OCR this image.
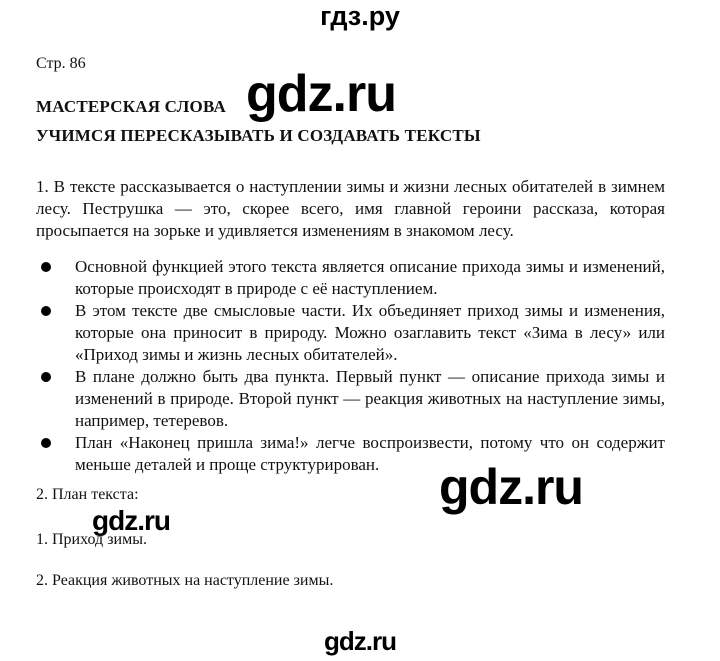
гдз.ру
Стр. 86
МАСТЕРСКАЯ СЛОВА
УЧИМСЯ ПЕРЕСКАЗЫВАТЬ И СОЗДАВАТЬ ТЕКСТЫ
1. В тексте рассказывается о наступлении зимы и жизни лесных обитателей в зимнем лесу. Пеструшка — это, скорее всего, имя главной героини рассказа, которая просыпается на зорьке и удивляется изменениям в знакомом лесу.
Основной функцией этого текста является описание прихода зимы и изменений, которые происходят в природе с её наступлением.
В этом тексте две смысловые части. Их объединяет приход зимы и изменения, которые она приносит в природу. Можно озаглавить текст «Зима в лесу» или «Приход зимы и жизнь лесных обитателей».
В плане должно быть два пункта. Первый пункт — описание прихода зимы и изменений в природе. Второй пункт — реакция животных на наступление зимы, например, тетеревов.
План «Наконец пришла зима!» легче воспроизвести, потому что он содержит меньше деталей и проще структурирован.
2. План текста:
1. Приход зимы.
2. Реакция животных на наступление зимы.
gdz.ru
gdz.ru
gdz.ru
gdz.ru
